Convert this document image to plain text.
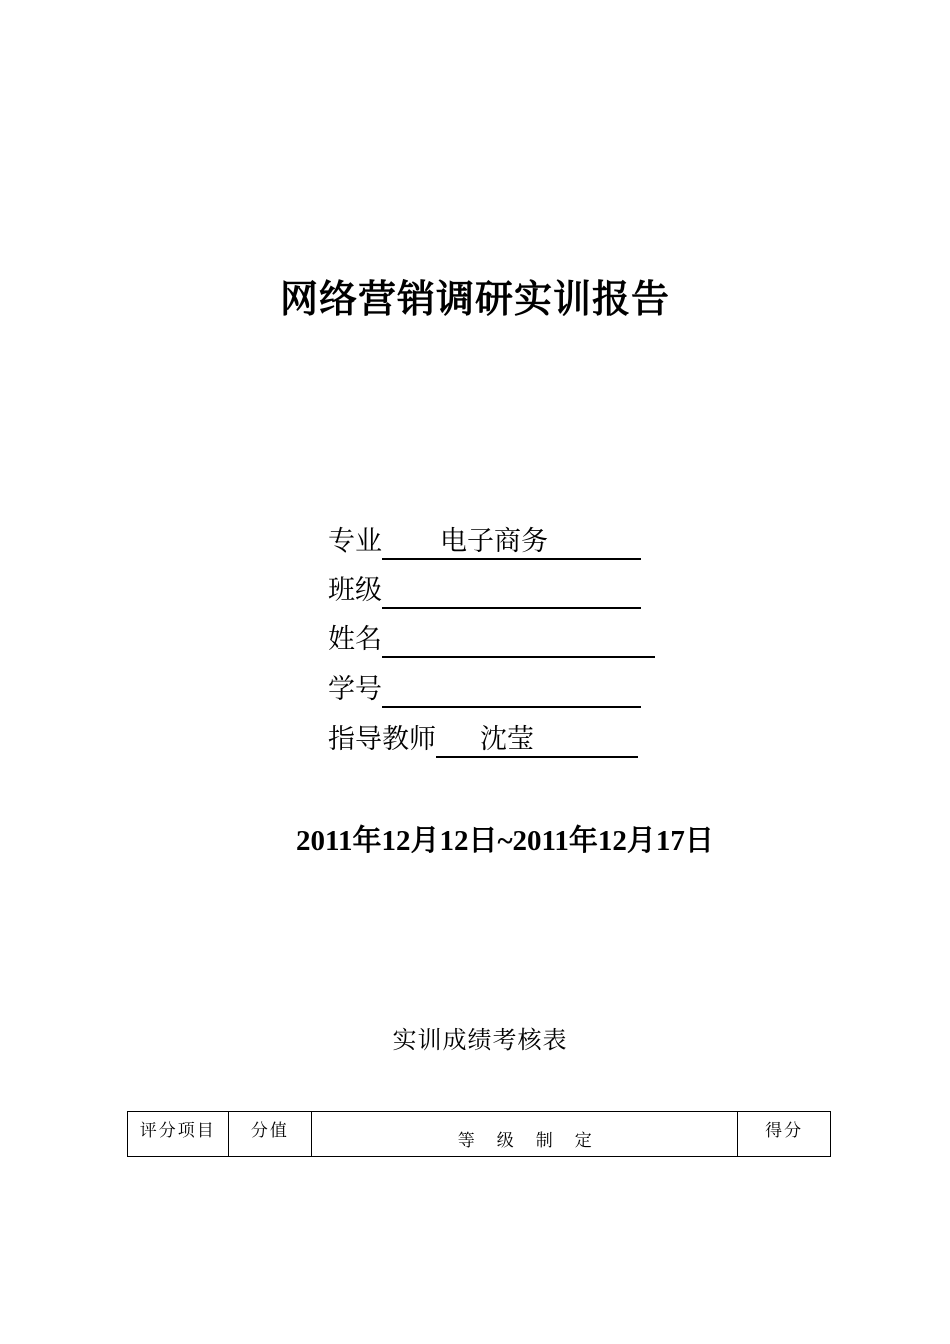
网络营销调研实训报告
专业 电子商务
班级
姓名
学号
指导教师 沈莹
2011年12月12日~2011年12月17日
实训成绩考核表
评分项目	分值	等级制定	得分
